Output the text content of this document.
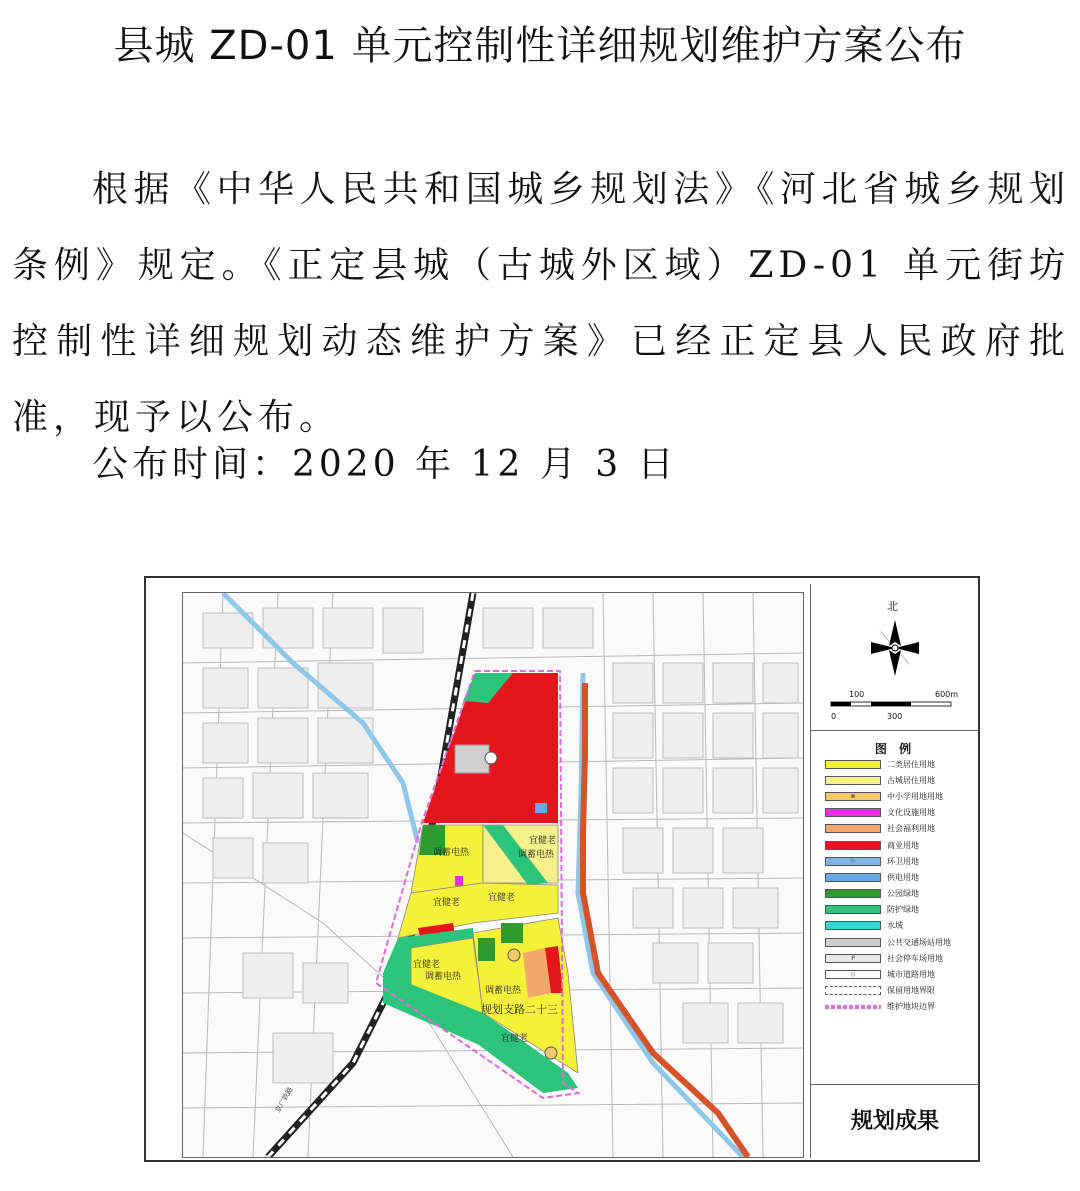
县城 ZD-01 单元控制性详细规划维护方案公布
根据《中华人民共和国城乡规划法》《河北省城乡规划条例》规定。《正定县城（古城外区域）ZD-01 单元街坊控制性详细规划动态维护方案》已经正定县人民政府批准，现予以公布。
公布时间：2020 年 12 月 3 日
宜健老
调蓄电热
调蓄电热
宜健老	宜健老
宜健老
调蓄电热
调蓄电热
规划支路二十三
宜健老
京广铁路
北
100	600m
0	300
图 例
二类居住用地
古城居住用地
⊗	中小学用地用地
文化设施用地
社会福利用地
商业用地
♲	环卫用地
供电用地
公园绿地
防护绿地
水域
公共交通场站用地
P	社会停车场用地
◇	城市道路用地
保留用地界限
维护地块边界
规划成果
